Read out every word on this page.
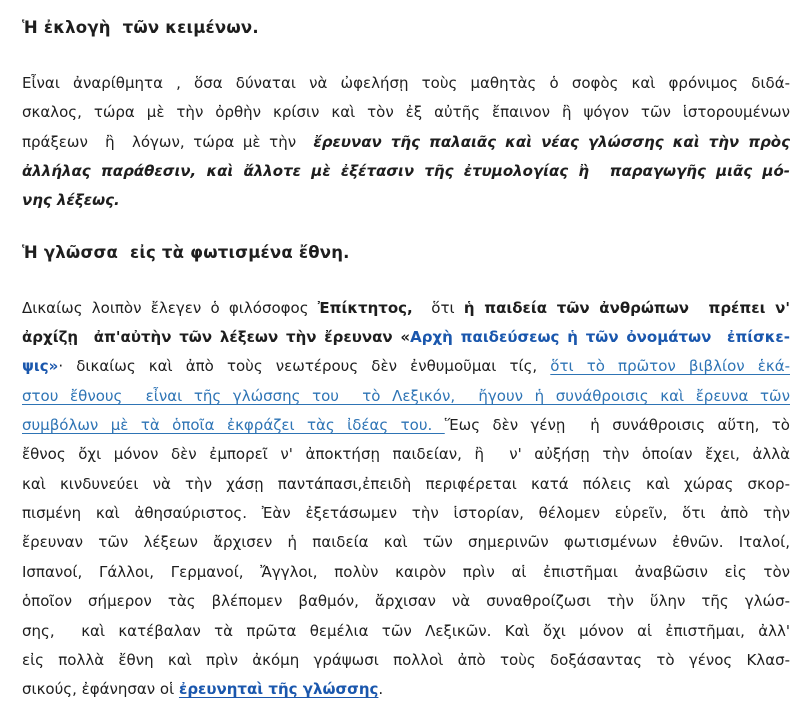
Ἡ ἐκλογὴ  τῶν κειμένων.
Εἶναι ἀναρίθμητα , ὅσα δύναται νὰ ὠφελήσῃ τοὺς μαθητὰς ὁ σοφὸς καὶ φρόνιμος διδά-
σκαλος, τώρα μὲ τὴν ὀρθὴν κρίσιν καὶ τὸν ἐξ αὐτῆς ἔπαινον ἢ ψόγον τῶν ἱστορουμένων
πράξεων  ἢ  λόγων, τώρα μὲ τὴν  ἔρευναν τῆς παλαιᾶς καὶ νέας γλώσσης καὶ τὴν πρὸς
ἀλλήλας παράθεσιν, καὶ ἄλλοτε μὲ ἐξέτασιν τῆς ἐτυμολογίας ἢ  παραγωγῆς μιᾶς μό-
νης λέξεως.
Ἡ γλῶσσα  εἰς τὰ φωτισμένα ἔθνη.
Δικαίως λοιπὸν ἔλεγεν ὁ φιλόσοφος Ἐπίκτητος,  ὅτι ἡ παιδεία τῶν ἀνθρώπων  πρέπει ν'
ἀρχίζῃ  ἀπ'αὐτὴν τῶν λέξεων τὴν ἔρευναν «Αρχὴ παιδεύσεως ἡ τῶν ὀνομάτων  ἐπίσκε-
ψις»· δικαίως καὶ ἀπὸ τοὺς νεωτέρους δὲν ἐνθυμοῦμαι τίς, ὅτι τὸ πρῶτον βιβλίον ἑκά-
στου ἔθνους  εἶναι τῆς γλώσσης του  τὸ Λεξικόν,  ἤγουν ἡ συνάθροισις καὶ ἔρευνα τῶν
συμβόλων μὲ τὰ ὁποῖα ἐκφράζει τὰς ἰδέας του. Ἕως δὲν γένῃ  ἡ συνάθροισις αὕτη, τὸ
ἔθνος ὄχι μόνον δὲν ἐμπορεῖ ν' ἀποκτήσῃ παιδείαν, ἢ  ν' αὐξήσῃ τὴν ὁποίαν ἔχει, ἀλλὰ
καὶ κινδυνεύει νὰ τὴν χάσῃ παντάπασι,ἐπειδὴ περιφέρεται κατά πόλεις καὶ χώρας σκορ-
πισμένη καὶ ἀθησαύριστος. Ἐὰν ἐξετάσωμεν τὴν ἱστορίαν, θέλομεν εὑρεῖν, ὅτι ἀπὸ τὴν
ἔρευναν τῶν λέξεων ἄρχισεν ἡ παιδεία καὶ τῶν σημερινῶν φωτισμένων ἐθνῶν. Ιταλοί,
Ισπανοί, Γάλλοι, Γερμανοί, Ἄγγλοι, πολὺν καιρὸν πρὶν αἱ ἐπιστῆμαι ἀναβῶσιν εἰς τὸν
ὁποῖον σήμερον τὰς βλέπομεν βαθμόν, ἄρχισαν νὰ συναθροίζωσι τὴν ὕλην τῆς γλώσ-
σης,  καὶ κατέβαλαν τὰ πρῶτα θεμέλια τῶν Λεξικῶν. Καὶ ὄχι μόνον αἱ ἐπιστῆμαι, ἀλλ'
εἰς πολλὰ ἔθνη καὶ πρὶν ἀκόμη γράψωσι πολλοὶ ἀπὸ τοὺς δοξάσαντας τὸ γένος Κλασ-
σικούς, ἐφάνησαν οἱ ἐρευνηταὶ τῆς γλώσσης.
